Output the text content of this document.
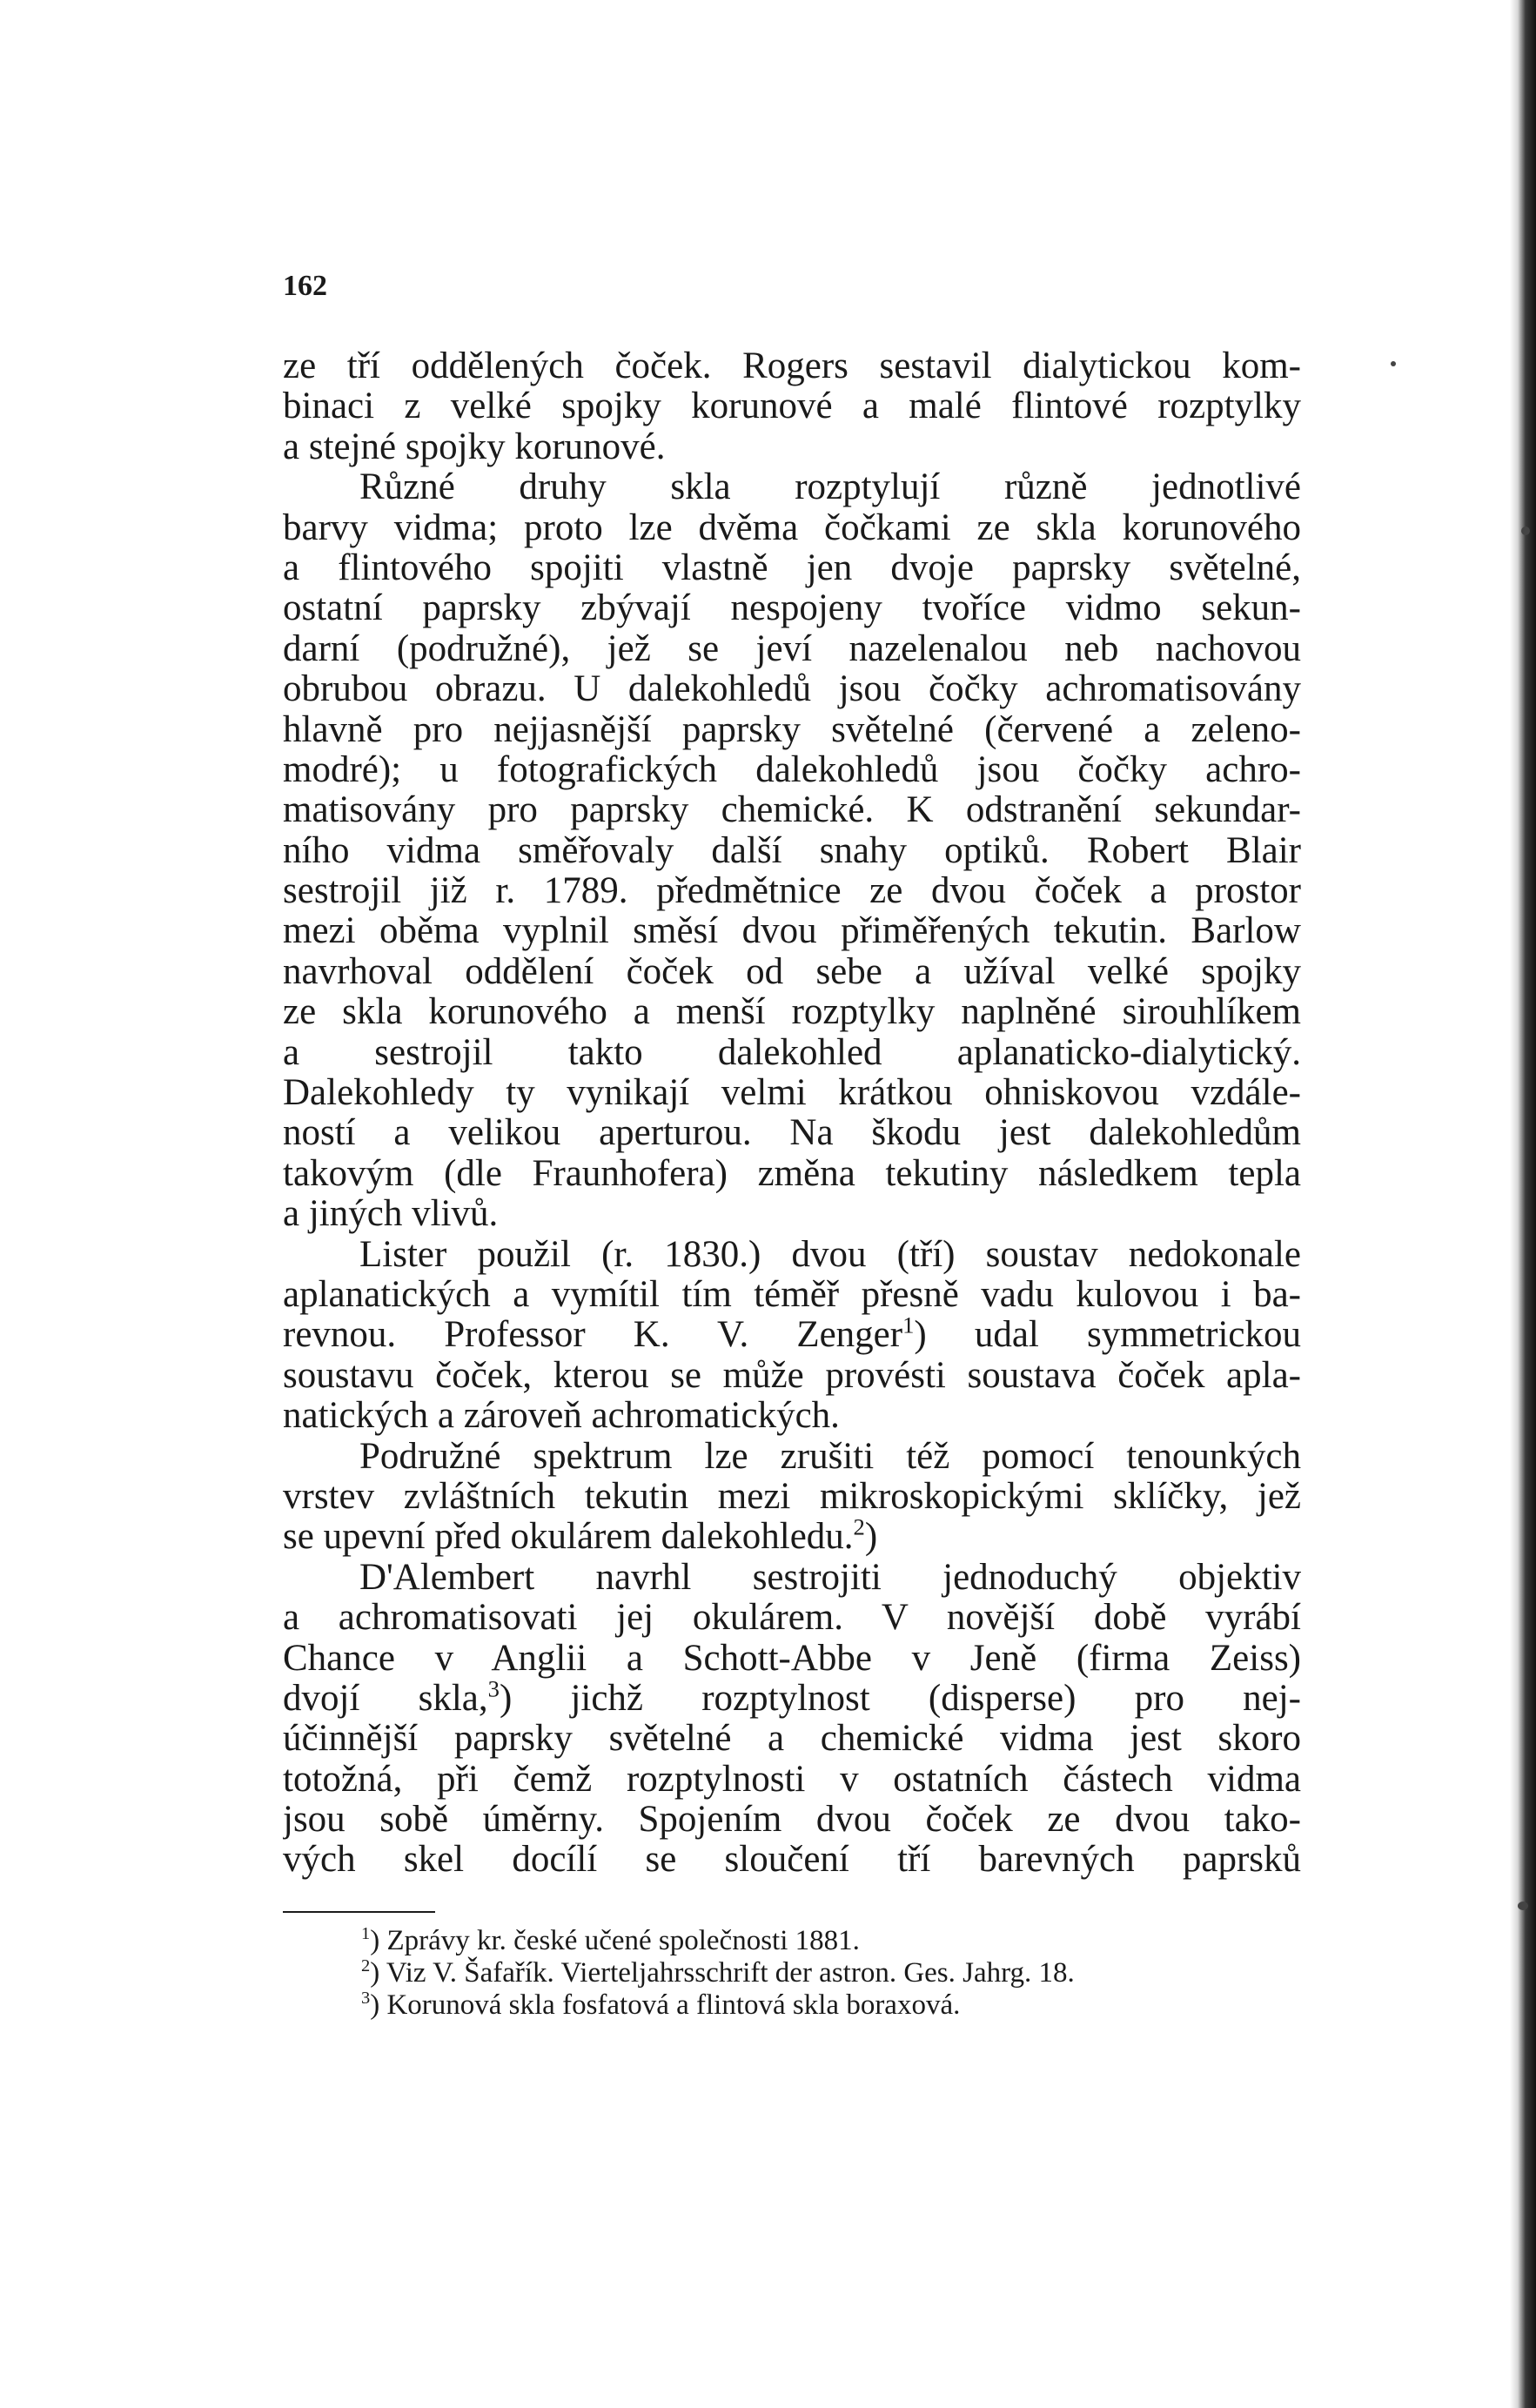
162
ze tří oddělených čoček. Rogers sestavil dialytickou kom-
binaci z velké spojky korunové a malé flintové rozptylky
a stejné spojky korunové.
Různé druhy skla rozptylují různě jednotlivé
barvy vidma; proto lze dvěma čočkami ze skla korunového
a flintového spojiti vlastně jen dvoje paprsky světelné,
ostatní paprsky zbývají nespojeny tvoříce vidmo sekun-
darní (podružné), jež se jeví nazelenalou neb nachovou
obrubou obrazu. U dalekohledů jsou čočky achromatisovány
hlavně pro nejjasnější paprsky světelné (červené a zeleno-
modré); u fotografických dalekohledů jsou čočky achro-
matisovány pro paprsky chemické. K odstranění sekundar-
ního vidma směřovaly další snahy optiků. Robert Blair
sestrojil již r. 1789. předmětnice ze dvou čoček a prostor
mezi oběma vyplnil směsí dvou přiměřených tekutin. Barlow
navrhoval oddělení čoček od sebe a užíval velké spojky
ze skla korunového a menší rozptylky naplněné sirouhlíkem
a sestrojil takto dalekohled aplanaticko-dialytický.
Dalekohledy ty vynikají velmi krátkou ohniskovou vzdále-
ností a velikou aperturou. Na škodu jest dalekohledům
takovým (dle Fraunhofera) změna tekutiny následkem tepla
a jiných vlivů.
Lister použil (r. 1830.) dvou (tří) soustav nedokonale
aplanatických a vymítil tím téměř přesně vadu kulovou i ba-
revnou. Professor K. V. Zenger$^1$) udal symmetrickou
soustavu čoček, kterou se může provésti soustava čoček apla-
natických a zároveň achromatických.
Podružné spektrum lze zrušiti též pomocí tenounkých
vrstev zvláštních tekutin mezi mikroskopickými sklíčky, jež
se upevní před okulárem dalekohledu.$^2$)
D'Alembert navrhl sestrojiti jednoduchý objektiv
a achromatisovati jej okulárem. V novější době vyrábí
Chance v Anglii a Schott-Abbe v Jeně (firma Zeiss)
dvojí skla,$^3$) jichž rozptylnost (disperse) pro nej-
účinnější paprsky světelné a chemické vidma jest skoro
totožná, při čemž rozptylnosti v ostatních částech vidma
jsou sobě úměrny. Spojením dvou čoček ze dvou tako-
vých skel docílí se sloučení tří barevných paprsků
$^1$) Zprávy kr. české učené společnosti 1881.
$^2$) Viz V. Šafařík. Vierteljahrsschrift der astron. Ges. Jahrg. 18.
$^3$) Korunová skla fosfatová a flintová skla boraxová.
